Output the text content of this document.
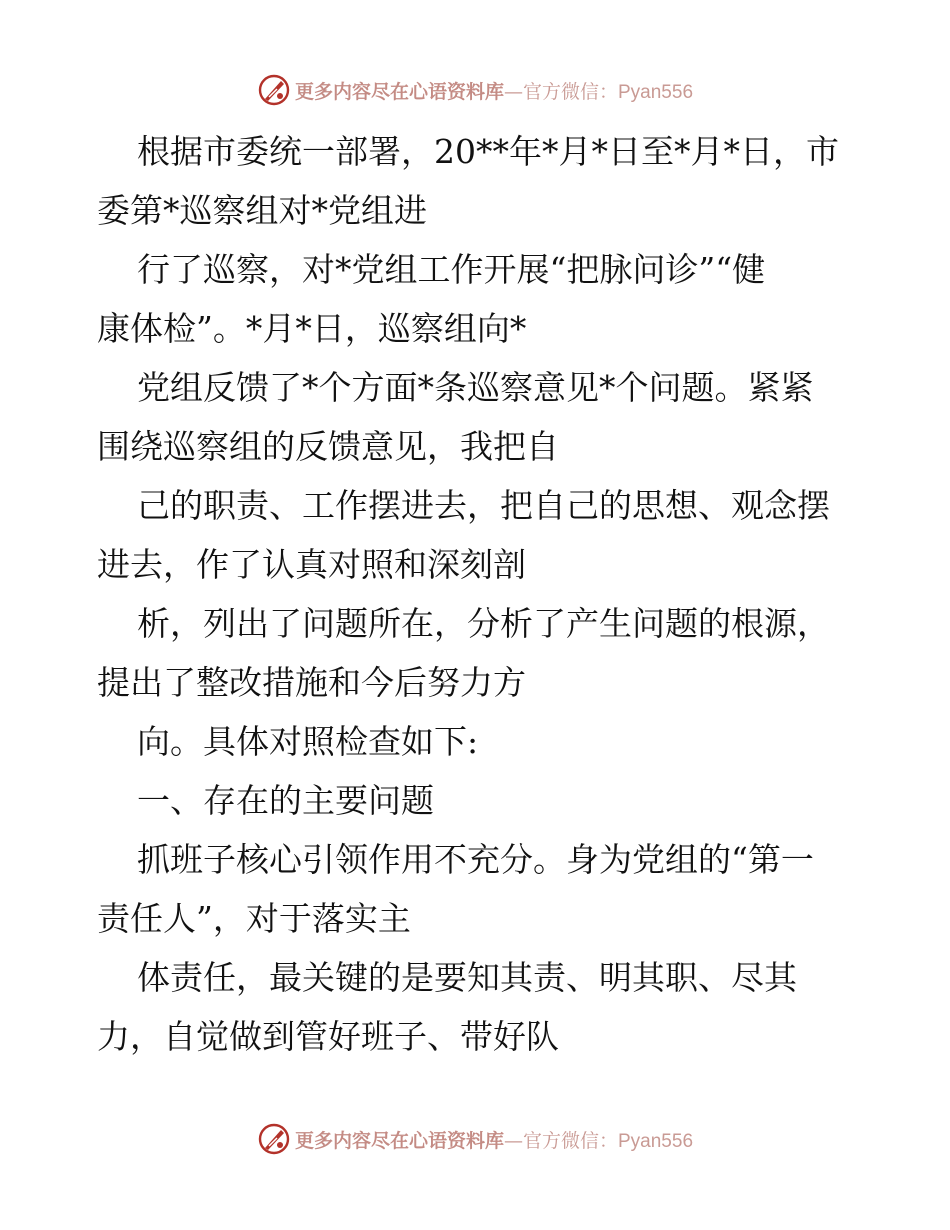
更多内容尽在心语资料库—官方微信：Pyan556
根据市委统一部署，20**年*月*日至*月*日，市
委第*巡察组对*党组进
行了巡察，对*党组工作开展“把脉问诊”“健
康体检”。*月*日，巡察组向*
党组反馈了*个方面*条巡察意见*个问题。紧紧
围绕巡察组的反馈意见，我把自
己的职责、工作摆进去，把自己的思想、观念摆
进去，作了认真对照和深刻剖
析，列出了问题所在，分析了产生问题的根源，
提出了整改措施和今后努力方
向。具体对照检查如下:
一、存在的主要问题
抓班子核心引领作用不充分。身为党组的“第一
责任人”，对于落实主
体责任，最关键的是要知其责、明其职、尽其
力，自觉做到管好班子、带好队
更多内容尽在心语资料库—官方微信：Pyan556
